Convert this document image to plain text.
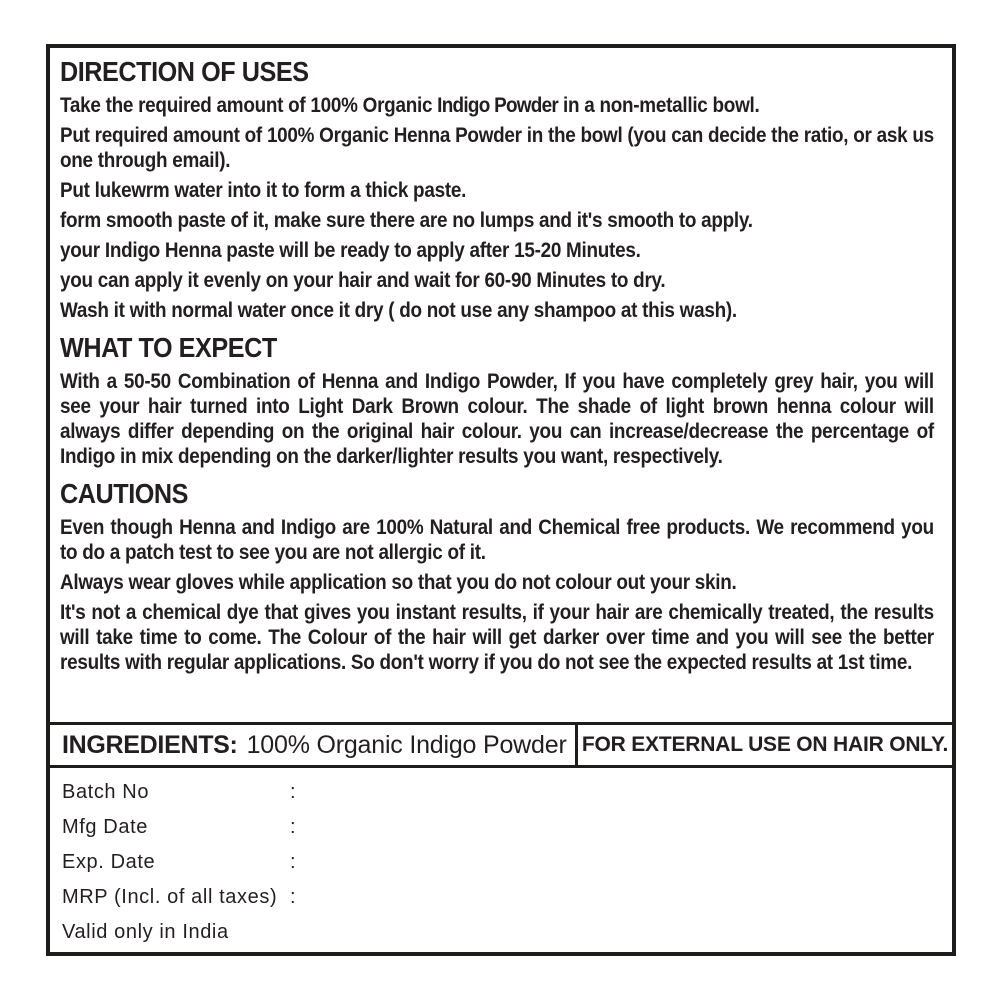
DIRECTION OF USES

Take the required amount of 100% Organic Indigo Powder in a non-metallic bowl.

Put required amount of 100% Organic Henna Powder in the bowl (you can decide the ratio, or ask us one through email).

Put lukewrm water into it to form a thick paste.

form smooth paste of it, make sure there are no lumps and it's smooth to apply.

your Indigo Henna paste will be ready to apply after 15-20 Minutes.

you can apply it evenly on your hair and wait for 60-90 Minutes to dry.

Wash it with normal water once it dry ( do not use any shampoo at this wash).

WHAT TO EXPECT

With a 50-50 Combination of Henna and Indigo Powder, If you have completely grey hair, you will see your hair turned into Light Dark Brown colour. The shade of light brown henna colour will always differ depending on the original hair colour. you can increase/decrease the percentage of Indigo in mix depending on the darker/lighter results you want, respectively.

CAUTIONS

Even though Henna and Indigo are 100% Natural and Chemical free products. We recommend you to do a patch test to see you are not allergic of it.

Always wear gloves while application so that you do not colour out your skin.

It's not a chemical dye that gives you instant results, if your hair are chemically treated, the results will take time to come. The Colour of the hair will get darker over time and you will see the better results with regular applications. So don't worry if you do not see the expected results at 1st time.

INGREDIENTS: 100% Organic Indigo Powder FOR EXTERNAL USE ON HAIR ONLY.
Batch No	:
Mfg Date	:
Exp. Date	:
MRP (Incl. of all taxes) :
Valid only in India
